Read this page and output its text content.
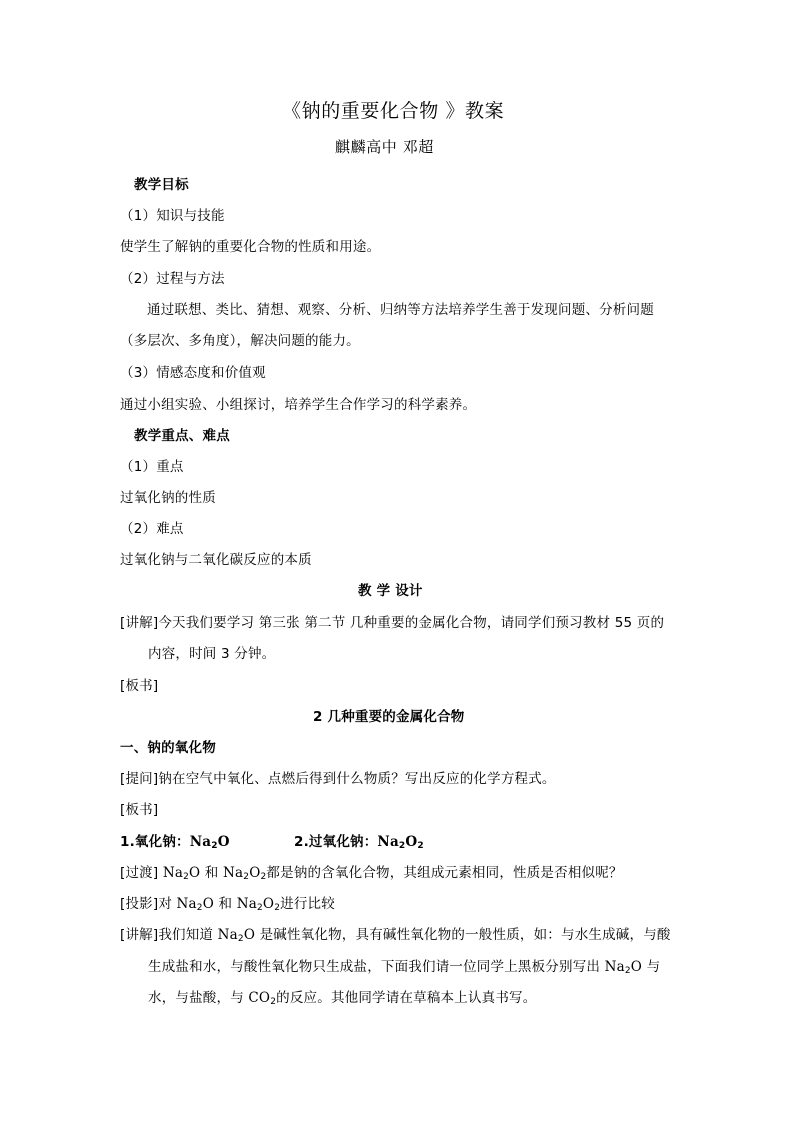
《钠的重要化合物 》教案
麒麟高中 邓超
教学目标
（1）知识与技能
使学生了解钠的重要化合物的性质和用途。
（2）过程与方法
通过联想、类比、猜想、观察、分析、归纳等方法培养学生善于发现问题、分析问题
（多层次、多角度），解决问题的能力。
（3）情感态度和价值观
通过小组实验、小组探讨，培养学生合作学习的科学素养。
教学重点、难点
（1）重点
过氧化钠的性质
（2）难点
过氧化钠与二氧化碳反应的本质
教 学 设计
[讲解]今天我们要学习 第三张 第二节 几种重要的金属化合物，请同学们预习教材 55 页的
内容，时间 3 分钟。
[板书]
2 几种重要的金属化合物
一、钠的氧化物
[提问]钠在空气中氧化、点燃后得到什么物质？写出反应的化学方程式。
[板书]
1.氧化钠：$Na_2O$	2.过氧化钠：$Na_2O_2$
[过渡] $Na_2O$ 和 $Na_2O_2$都是钠的含氧化合物，其组成元素相同，性质是否相似呢？
[投影]对 $Na_2O$ 和 $Na_2O_2$进行比较
[讲解]我们知道 $Na_2O$ 是碱性氧化物，具有碱性氧化物的一般性质，如：与水生成碱，与酸
生成盐和水，与酸性氧化物只生成盐，下面我们请一位同学上黑板分别写出 $Na_2O$ 与
水，与盐酸，与 $CO_2$的反应。其他同学请在草稿本上认真书写。
